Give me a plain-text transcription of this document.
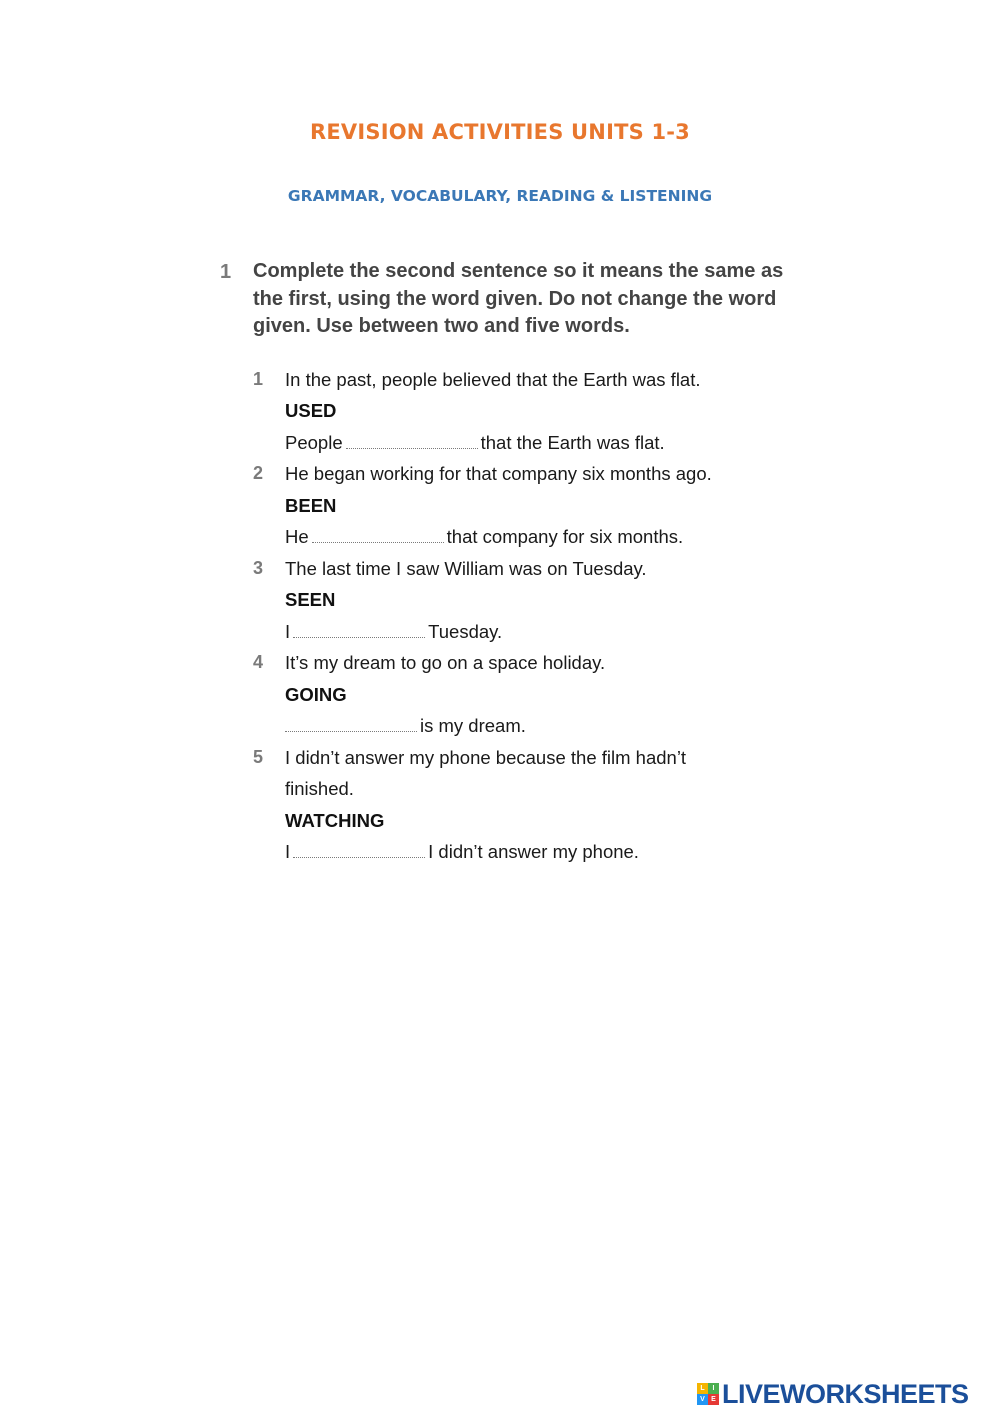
REVISION ACTIVITIES UNITS 1-3
GRAMMAR, VOCABULARY, READING & LISTENING
1 Complete the second sentence so it means the same as the first, using the word given. Do not change the word given. Use between two and five words.
1 In the past, people believed that the Earth was flat.
USED
People	that the Earth was flat.
2 He began working for that company six months ago.
BEEN
He	that company for six months.
3 The last time I saw William was on Tuesday.
SEEN
I	Tuesday.
4 It’s my dream to go on a space holiday.
GOING
is my dream.
5 I didn’t answer my phone because the film hadn’t finished.
WATCHING
I	I didn’t answer my phone.
L	I
V E LIVEWORKSHEETS
